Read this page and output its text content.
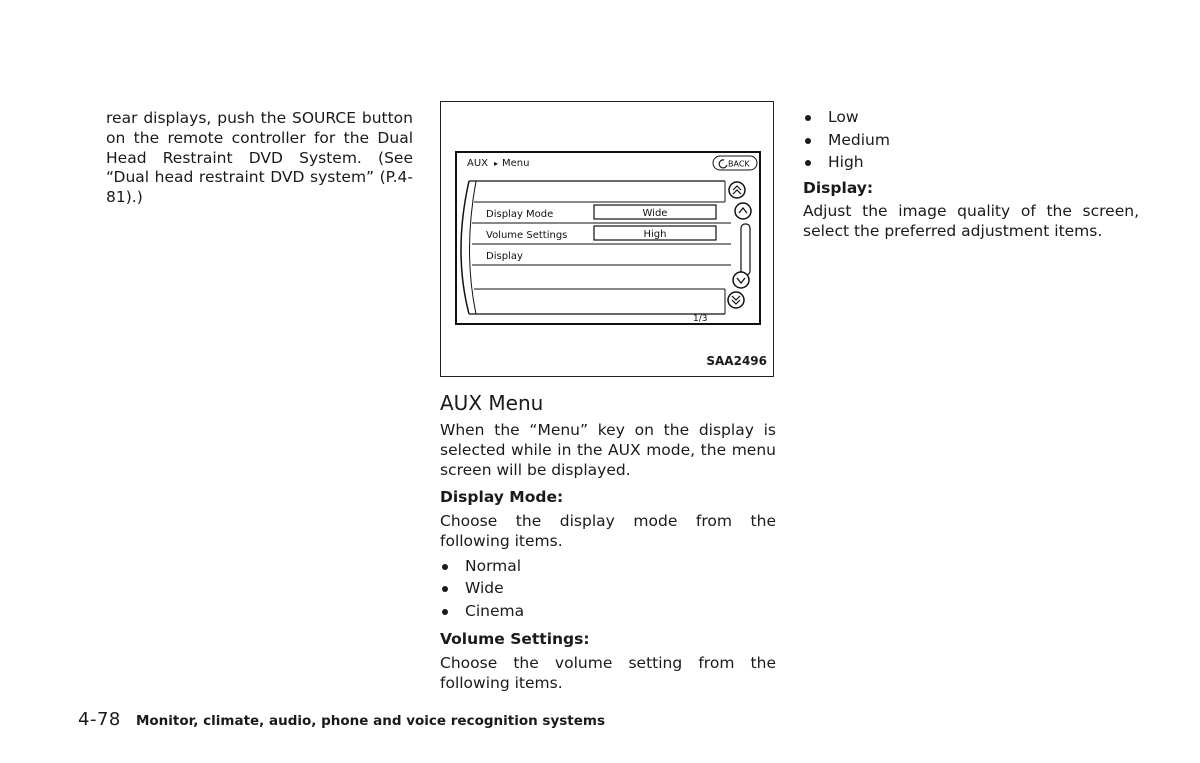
rear displays, push the SOURCE button on the remote controller for the Dual Head Restraint DVD System. (See “Dual head restraint DVD system” (P.4-81).)

AUX ▸ Menu	BACK
Display Mode	Wide
Volume Settings	High
Display
1/3
SAA2496

AUX Menu

When the “Menu” key on the display is selected while in the AUX mode, the menu screen will be displayed.

Display Mode:

Choose the display mode from the following items.

Normal
Wide
Cinema

Volume Settings:

Choose the volume setting from the following items.

Low
Medium
High

Display:

Adjust the image quality of the screen, select the preferred adjustment items.

4-78 Monitor, climate, audio, phone and voice recognition systems
